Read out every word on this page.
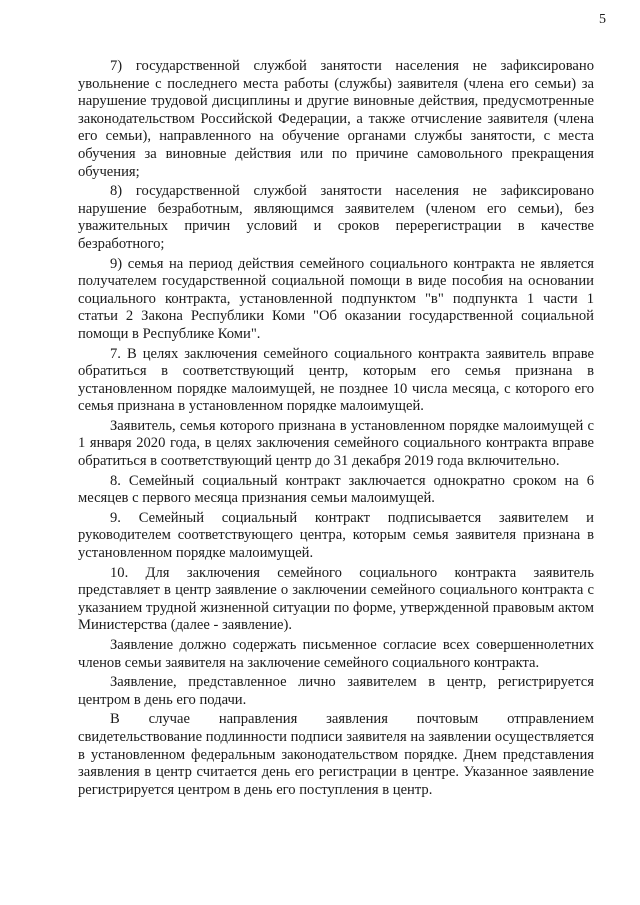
5

7) государственной службой занятости населения не зафиксировано увольнение с последнего места работы (службы) заявителя (члена его семьи) за нарушение трудовой дисциплины и другие виновные действия, предусмотренные законодательством Российской Федерации, а также отчисление заявителя (члена его семьи), направленного на обучение органами службы занятости, с места обучения за виновные действия или по причине самовольного прекращения обучения;

8) государственной службой занятости населения не зафиксировано нарушение безработным, являющимся заявителем (членом его семьи), без уважительных причин условий и сроков перерегистрации в качестве безработного;

9) семья на период действия семейного социального контракта не является получателем государственной социальной помощи в виде пособия на основании социального контракта, установленной подпунктом "в" подпункта 1 части 1 статьи 2 Закона Республики Коми "Об оказании государственной социальной помощи в Республике Коми".

7. В целях заключения семейного социального контракта заявитель вправе обратиться в соответствующий центр, которым его семья признана в установленном порядке малоимущей, не позднее 10 числа месяца, с которого его семья признана в установленном порядке малоимущей.

Заявитель, семья которого признана в установленном порядке малоимущей с 1 января 2020 года, в целях заключения семейного социального контракта вправе обратиться в соответствующий центр до 31 декабря 2019 года включительно.

8. Семейный социальный контракт заключается однократно сроком на 6 месяцев с первого месяца признания семьи малоимущей.

9. Семейный социальный контракт подписывается заявителем и руководителем соответствующего центра, которым семья заявителя признана в установленном порядке малоимущей.

10. Для заключения семейного социального контракта заявитель представляет в центр заявление о заключении семейного социального контракта с указанием трудной жизненной ситуации по форме, утвержденной правовым актом Министерства (далее - заявление).

Заявление должно содержать письменное согласие всех совершеннолетних членов семьи заявителя на заключение семейного социального контракта.

Заявление, представленное лично заявителем в центр, регистрируется центром в день его подачи.

В случае направления заявления почтовым отправлением свидетельствование подлинности подписи заявителя на заявлении осуществляется в установленном федеральным законодательством порядке. Днем представления заявления в центр считается день его регистрации в центре. Указанное заявление регистрируется центром в день его поступления в центр.
